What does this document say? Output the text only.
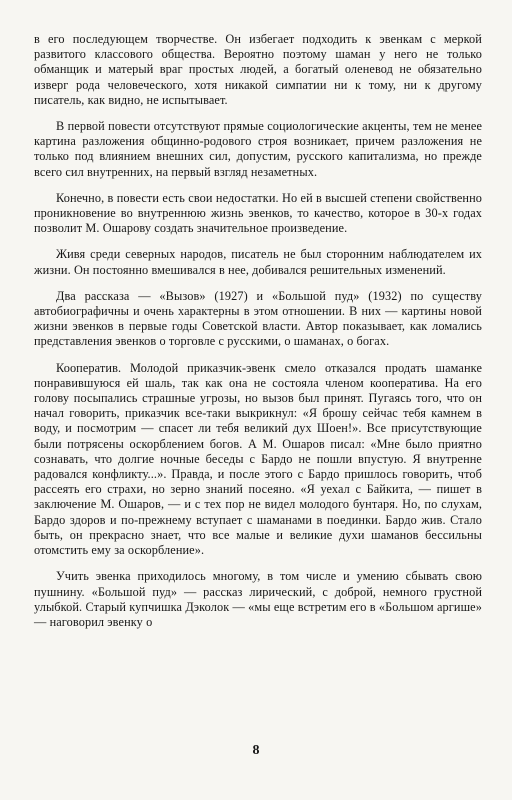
в его последующем творчестве. Он избегает подходить к эвенкам с меркой развитого классового общества. Вероятно поэтому шаман у него не только обманщик и матерый враг простых людей, а богатый оленевод не обязательно изверг рода человеческого, хотя никакой симпатии ни к тому, ни к другому писатель, как видно, не испытывает.

В первой повести отсутствуют прямые социологические акценты, тем не менее картина разложения общинно-родового строя возникает, причем разложения не только под влиянием внешних сил, допустим, русского капитализма, но прежде всего сил внутренних, на первый взгляд незаметных.

Конечно, в повести есть свои недостатки. Но ей в высшей степени свойственно проникновение во внутреннюю жизнь эвенков, то качество, которое в 30-х годах позволит М. Ошарову создать значительное произведение.

Живя среди северных народов, писатель не был сторонним наблюдателем их жизни. Он постоянно вмешивался в нее, добивался решительных изменений.

Два рассказа — «Вызов» (1927) и «Большой пуд» (1932) по существу автобиографичны и очень характерны в этом отношении. В них — картины новой жизни эвенков в первые годы Советской власти. Автор показывает, как ломались представления эвенков о торговле с русскими, о шаманах, о богах.

Кооператив. Молодой приказчик-эвенк смело отказался продать шаманке понравившуюся ей шаль, так как она не состояла членом кооператива. На его голову посыпались страшные угрозы, но вызов был принят. Пугаясь того, что он начал говорить, приказчик все-таки выкрикнул: «Я брошу сейчас тебя камнем в воду, и посмотрим — спасет ли тебя великий дух Шоен!». Все присутствующие были потрясены оскорблением богов. А М. Ошаров писал: «Мне было приятно сознавать, что долгие ночные беседы с Бардо не пошли впустую. Я внутренне радовался конфликту...». Правда, и после этого с Бардо пришлось говорить, чтоб рассеять его страхи, но зерно знаний посеяно. «Я уехал с Байкита, — пишет в заключение М. Ошаров, — и с тех пор не видел молодого бунтаря. Но, по слухам, Бардо здоров и по-прежнему вступает с шаманами в поединки. Бардо жив. Стало быть, он прекрасно знает, что все малые и великие духи шаманов бессильны отомстить ему за оскорбление».

Учить эвенка приходилось многому, в том числе и умению сбывать свою пушнину. «Большой пуд» — рассказ лирический, с доброй, немного грустной улыбкой. Старый купчишка Дэколок — «мы еще встретим его в «Большом аргише» — наговорил эвенку о

8
